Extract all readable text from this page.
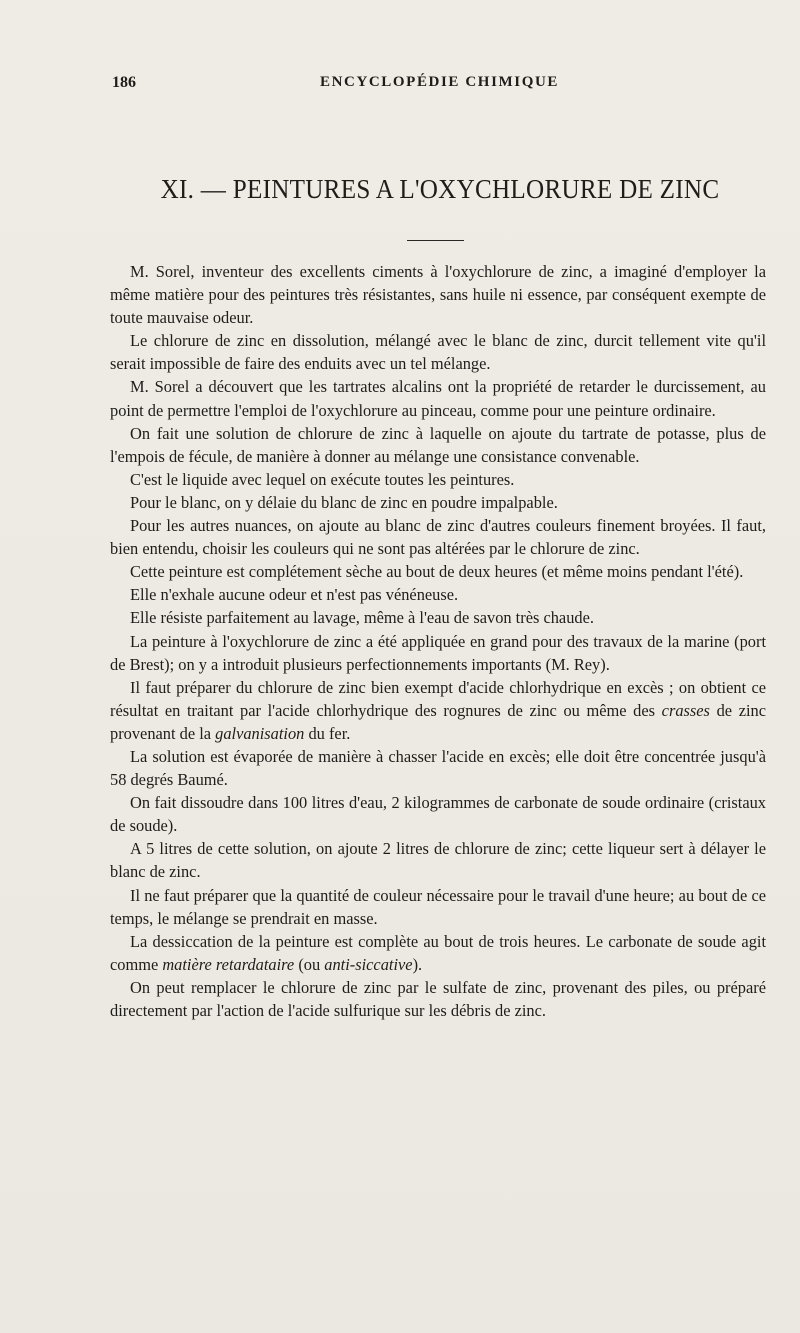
186	ENCYCLOPÉDIE CHIMIQUE
XI. — PEINTURES A L'OXYCHLORURE DE ZINC

M. Sorel, inventeur des excellents ciments à l'oxychlorure de zinc, a imaginé d'employer la même matière pour des peintures très résistantes, sans huile ni essence, par conséquent exempte de toute mauvaise odeur.

Le chlorure de zinc en dissolution, mélangé avec le blanc de zinc, durcit tellement vite qu'il serait impossible de faire des enduits avec un tel mélange.

M. Sorel a découvert que les tartrates alcalins ont la propriété de retarder le durcissement, au point de permettre l'emploi de l'oxychlorure au pinceau, comme pour une peinture ordinaire.

On fait une solution de chlorure de zinc à laquelle on ajoute du tartrate de potasse, plus de l'empois de fécule, de manière à donner au mélange une consistance convenable.

C'est le liquide avec lequel on exécute toutes les peintures.

Pour le blanc, on y délaie du blanc de zinc en poudre impalpable.

Pour les autres nuances, on ajoute au blanc de zinc d'autres couleurs finement broyées. Il faut, bien entendu, choisir les couleurs qui ne sont pas altérées par le chlorure de zinc.

Cette peinture est complétement sèche au bout de deux heures (et même moins pendant l'été).

Elle n'exhale aucune odeur et n'est pas vénéneuse.

Elle résiste parfaitement au lavage, même à l'eau de savon très chaude.

La peinture à l'oxychlorure de zinc a été appliquée en grand pour des travaux de la marine (port de Brest); on y a introduit plusieurs perfectionnements importants (M. Rey).

Il faut préparer du chlorure de zinc bien exempt d'acide chlorhydrique en excès ; on obtient ce résultat en traitant par l'acide chlorhydrique des rognures de zinc ou même des crasses de zinc provenant de la galvanisation du fer.

La solution est évaporée de manière à chasser l'acide en excès; elle doit être concentrée jusqu'à 58 degrés Baumé.

On fait dissoudre dans 100 litres d'eau, 2 kilogrammes de carbonate de soude ordinaire (cristaux de soude).

A 5 litres de cette solution, on ajoute 2 litres de chlorure de zinc; cette liqueur sert à délayer le blanc de zinc.

Il ne faut préparer que la quantité de couleur nécessaire pour le travail d'une heure; au bout de ce temps, le mélange se prendrait en masse.

La dessiccation de la peinture est complète au bout de trois heures. Le carbonate de soude agit comme matière retardataire (ou anti-siccative).

On peut remplacer le chlorure de zinc par le sulfate de zinc, provenant des piles, ou préparé directement par l'action de l'acide sulfurique sur les débris de zinc.
